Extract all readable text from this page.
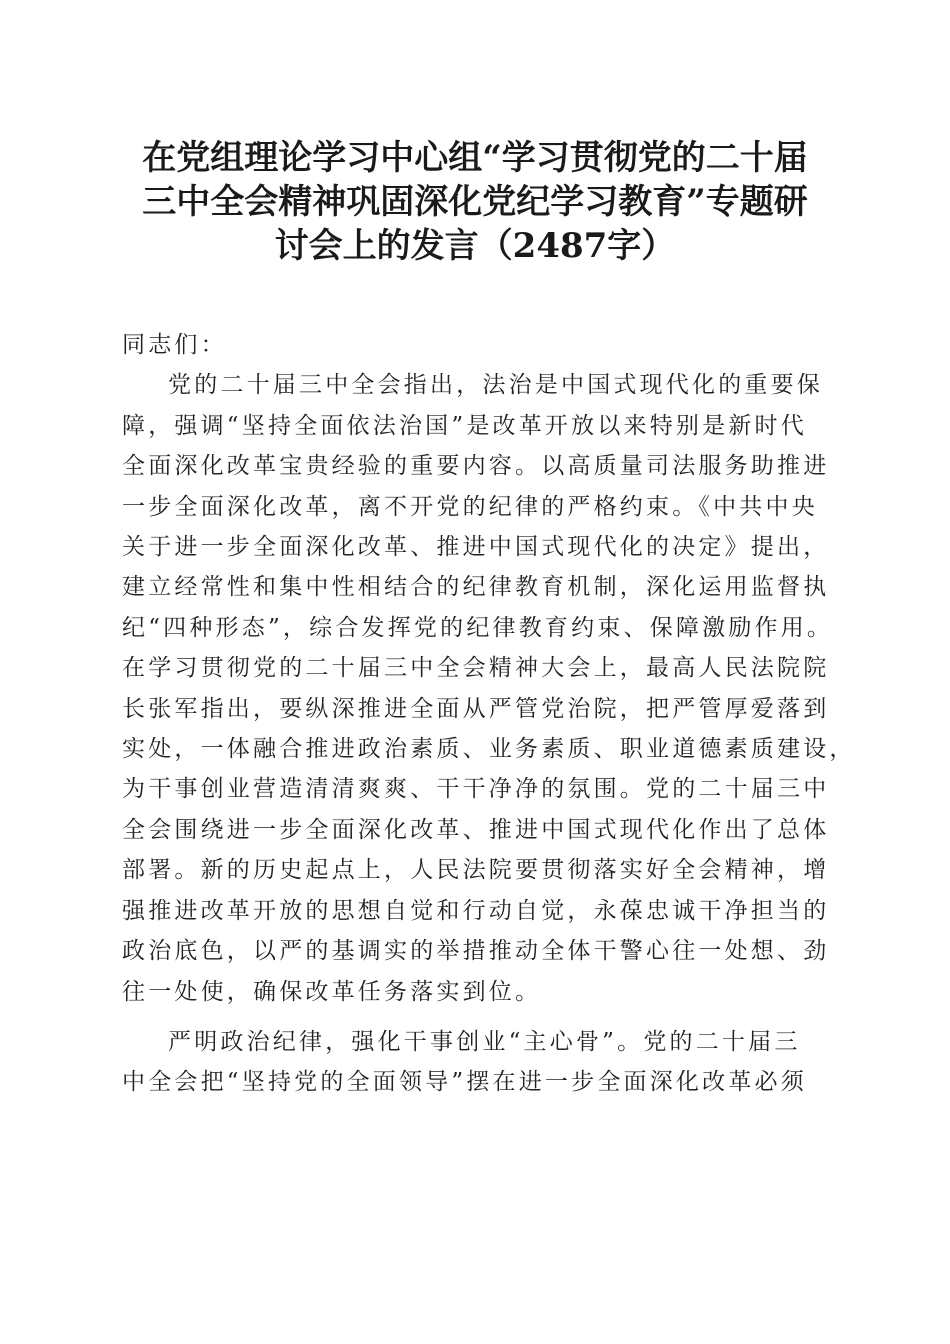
在党组理论学习中心组“学习贯彻党的二十届
三中全会精神巩固深化党纪学习教育”专题研
讨会上的发言（2487字）
同志们：
党的二十届三中全会指出，法治是中国式现代化的重要保
障，强调“坚持全面依法治国”是改革开放以来特别是新时代
全面深化改革宝贵经验的重要内容。以高质量司法服务助推进
一步全面深化改革，离不开党的纪律的严格约束。《中共中央
关于进一步全面深化改革、推进中国式现代化的决定》提出，
建立经常性和集中性相结合的纪律教育机制，深化运用监督执
纪“四种形态”，综合发挥党的纪律教育约束、保障激励作用。
在学习贯彻党的二十届三中全会精神大会上，最高人民法院院
长张军指出，要纵深推进全面从严管党治院，把严管厚爱落到
实处，一体融合推进政治素质、业务素质、职业道德素质建设，
为干事创业营造清清爽爽、干干净净的氛围。党的二十届三中
全会围绕进一步全面深化改革、推进中国式现代化作出了总体
部署。新的历史起点上，人民法院要贯彻落实好全会精神，增
强推进改革开放的思想自觉和行动自觉，永葆忠诚干净担当的
政治底色，以严的基调实的举措推动全体干警心往一处想、劲
往一处使，确保改革任务落实到位。
严明政治纪律，强化干事创业“主心骨”。党的二十届三
中全会把“坚持党的全面领导”摆在进一步全面深化改革必须
